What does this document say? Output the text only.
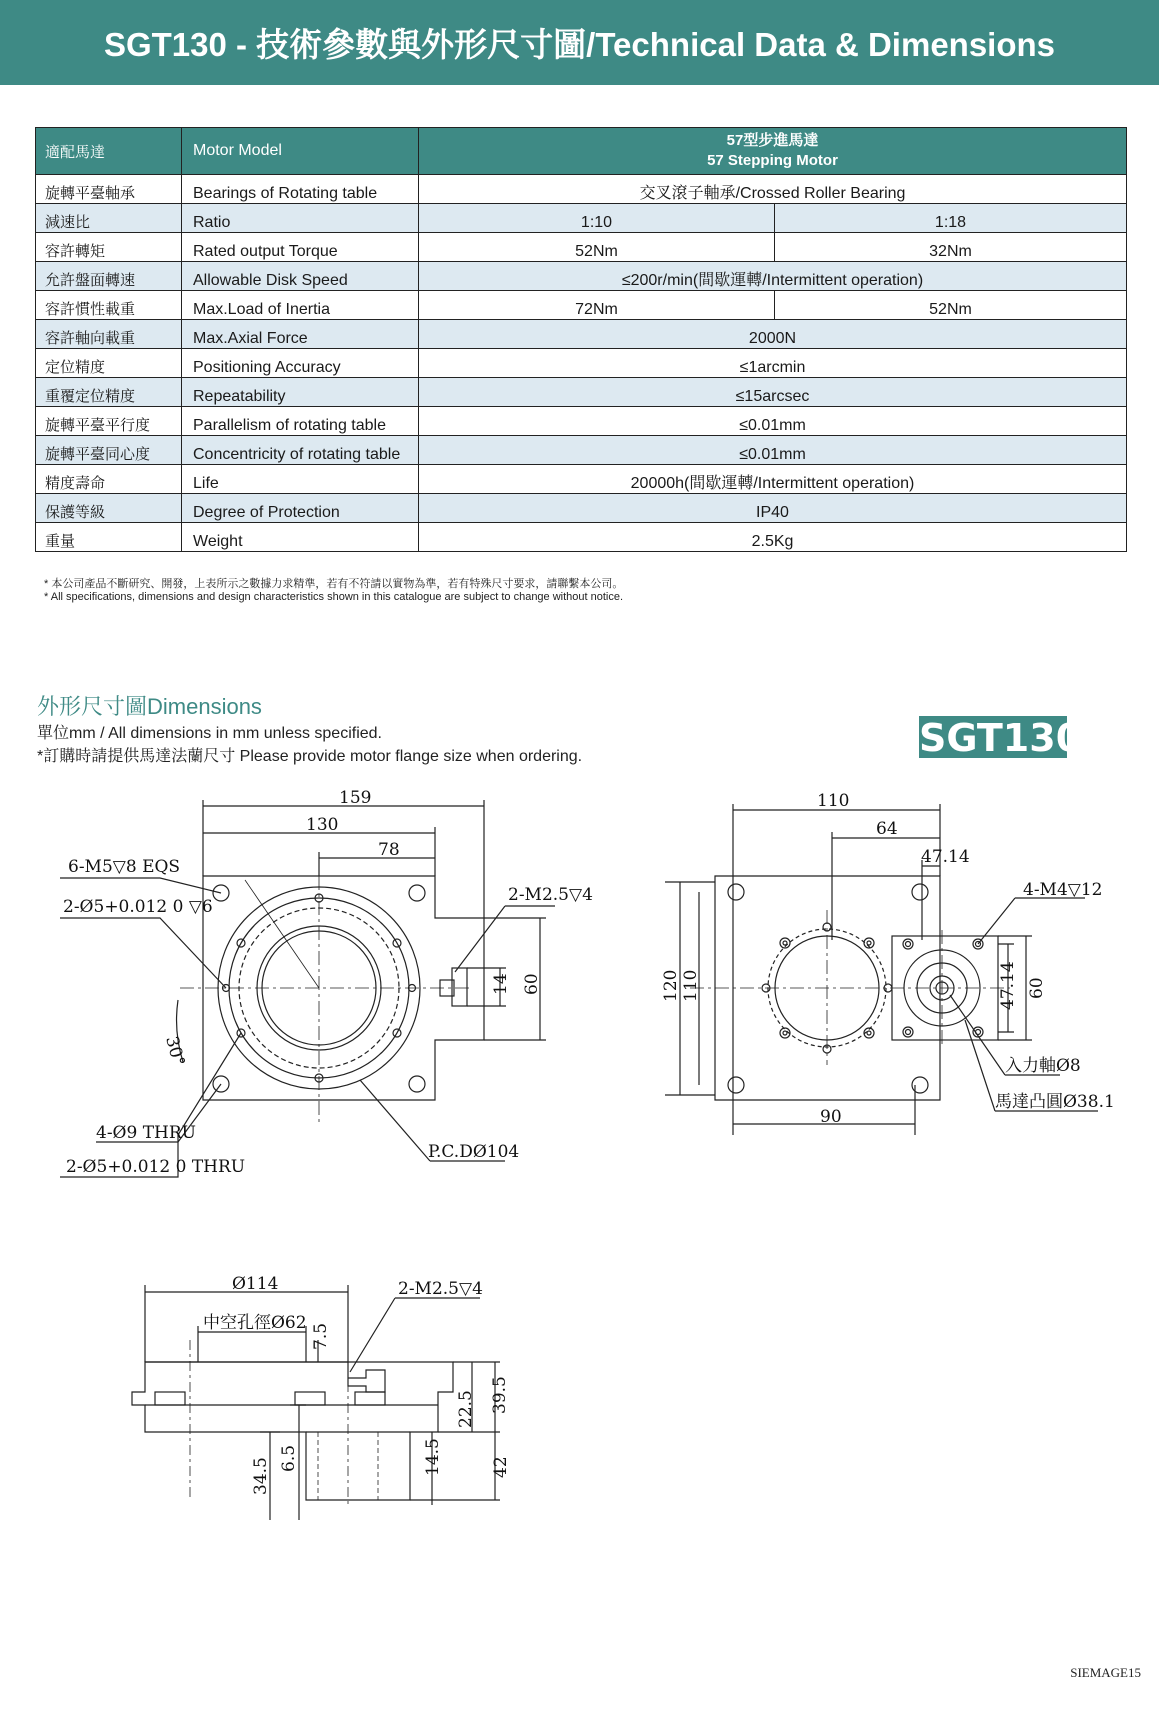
SGT130 - 技術參數與外形尺寸圖/Technical Data & Dimensions
適配馬達	Motor Model	57型步進馬達
57 Stepping Motor	

旋轉平臺軸承	Bearings of Rotating table	交叉滾子軸承/Crossed Roller Bearing	
減速比	Ratio	1:10	1:18
容許轉矩	Rated output Torque	52Nm	32Nm
允許盤面轉速	Allowable Disk Speed	≤200r/min(間歇運轉/Intermittent operation)	
容許慣性載重	Max.Load of Inertia	72Nm	52Nm
容許軸向載重	Max.Axial Force	2000N	
定位精度	Positioning Accuracy	≤1arcmin	
重覆定位精度	Repeatability	≤15arcsec	
旋轉平臺平行度	Parallelism of rotating table	≤0.01mm	
旋轉平臺同心度	Concentricity of rotating table	≤0.01mm	
精度壽命	Life	20000h(間歇運轉/Intermittent operation)	
保護等級	Degree of Protection	IP40	
重量	Weight	2.5Kg	
* 本公司產品不斷研究、開發，上表所示之數據力求精準，若有不符請以實物為準，若有特殊尺寸要求，請聯繫本公司。
* All specifications, dimensions and design characteristics shown in this catalogue are subject to change without notice.
外形尺寸圖Dimensions
單位mm / All dimensions in mm unless specified.
*訂購時請提供馬達法蘭尺寸 Please provide motor flange size when ordering.	SGT130
159
130
78
6-M5▽8 EQS
2-Ø5+0.012 0 ▽6
2-M2.5▽4
14 60
30°
4-Ø9 THRU
2-Ø5+0.012 0 THRU
P.C.DØ104
110
64
47.14
4-M4▽12
120 110	47.14 60
90
入力軸Ø8
馬達凸圓Ø38.1
Ø114
中空孔徑Ø62
2-M2.5▽4
7.5
22.5 39.5
34.5 6.5	14.5	42
SIEMAGE15
